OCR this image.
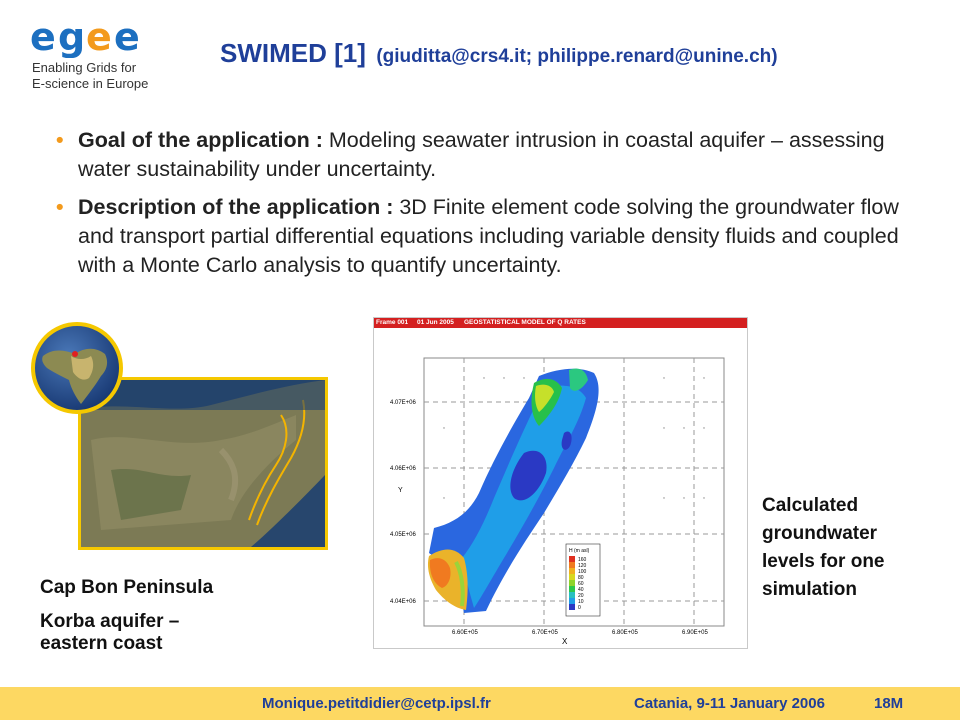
e g e e
Enabling Grids for
E-science in Europe
SWIMED [1] (giuditta@crs4.it; philippe.renard@unine.ch)
• Goal of the application : Modeling seawater intrusion in coastal aquifer – assessing water sustainability under uncertainty.
• Description of the application : 3D Finite element code solving the groundwater flow and transport partial differential equations including variable density fluids and coupled with a Monte Carlo analysis to quantify uncertainty.
Cap Bon Peninsula
Korba aquifer –
eastern coast
Frame 001 01 Jun 2005 GEOSTATISTICAL MODEL OF Q RATES
H (m asl)
160
120
100
80
60
40
20
10
0
4.07E+06
4.06E+06
4.05E+06
4.04E+06
Y
6.60E+05	6.70E+05	6.80E+05	6.90E+05
X
Calculated
groundwater
levels for one
simulation
Monique.petitdidier@cetp.ipsl.fr	Catania, 9-11 January 2006	18M
